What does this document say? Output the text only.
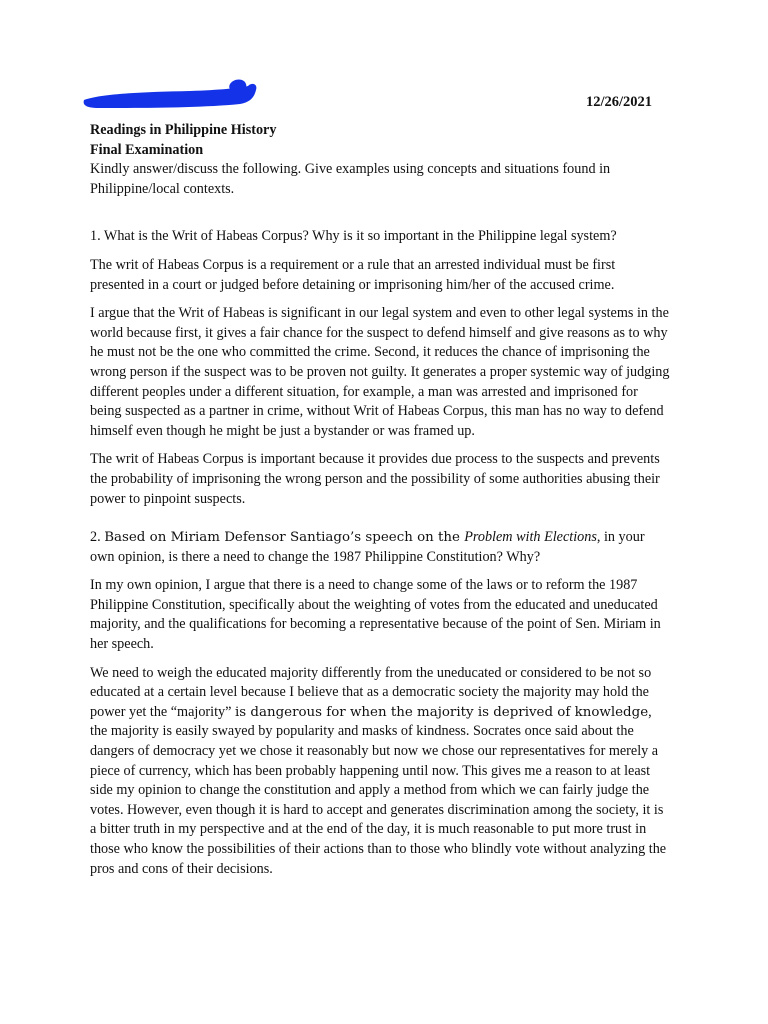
12/26/2021

Readings in Philippine History

Final Examination

Kindly answer/discuss the following. Give examples using concepts and situations found in Philippine/local contexts.

1. What is the Writ of Habeas Corpus? Why is it so important in the Philippine legal system?

The writ of Habeas Corpus is a requirement or a rule that an arrested individual must be first presented in a court or judged before detaining or imprisoning him/her of the accused crime.

I argue that the Writ of Habeas is significant in our legal system and even to other legal systems in the world because first, it gives a fair chance for the suspect to defend himself and give reasons as to why he must not be the one who committed the crime. Second, it reduces the chance of imprisoning the wrong person if the suspect was to be proven not guilty. It generates a proper systemic way of judging different peoples under a different situation, for example, a man was arrested and imprisoned for being suspected as a partner in crime, without Writ of Habeas Corpus, this man has no way to defend himself even though he might be just a bystander or was framed up.

The writ of Habeas Corpus is important because it provides due process to the suspects and prevents the probability of imprisoning the wrong person and the possibility of some authorities abusing their power to pinpoint suspects.

2. Based on Miriam Defensor Santiago’s speech on the Problem with Elections, in your own opinion, is there a need to change the 1987 Philippine Constitution? Why?

In my own opinion, I argue that there is a need to change some of the laws or to reform the 1987 Philippine Constitution, specifically about the weighting of votes from the educated and uneducated majority, and the qualifications for becoming a representative because of the point of Sen. Miriam in her speech.

We need to weigh the educated majority differently from the uneducated or considered to be not so educated at a certain level because I believe that as a democratic society the majority may hold the power yet the “majority” is dangerous for when the majority is deprived of knowledge, the majority is easily swayed by popularity and masks of kindness. Socrates once said about the dangers of democracy yet we chose it reasonably but now we chose our representatives for merely a piece of currency, which has been probably happening until now. This gives me a reason to at least side my opinion to change the constitution and apply a method from which we can fairly judge the votes. However, even though it is hard to accept and generates discrimination among the society, it is a bitter truth in my perspective and at the end of the day, it is much reasonable to put more trust in those who know the possibilities of their actions than to those who blindly vote without analyzing the pros and cons of their decisions.
